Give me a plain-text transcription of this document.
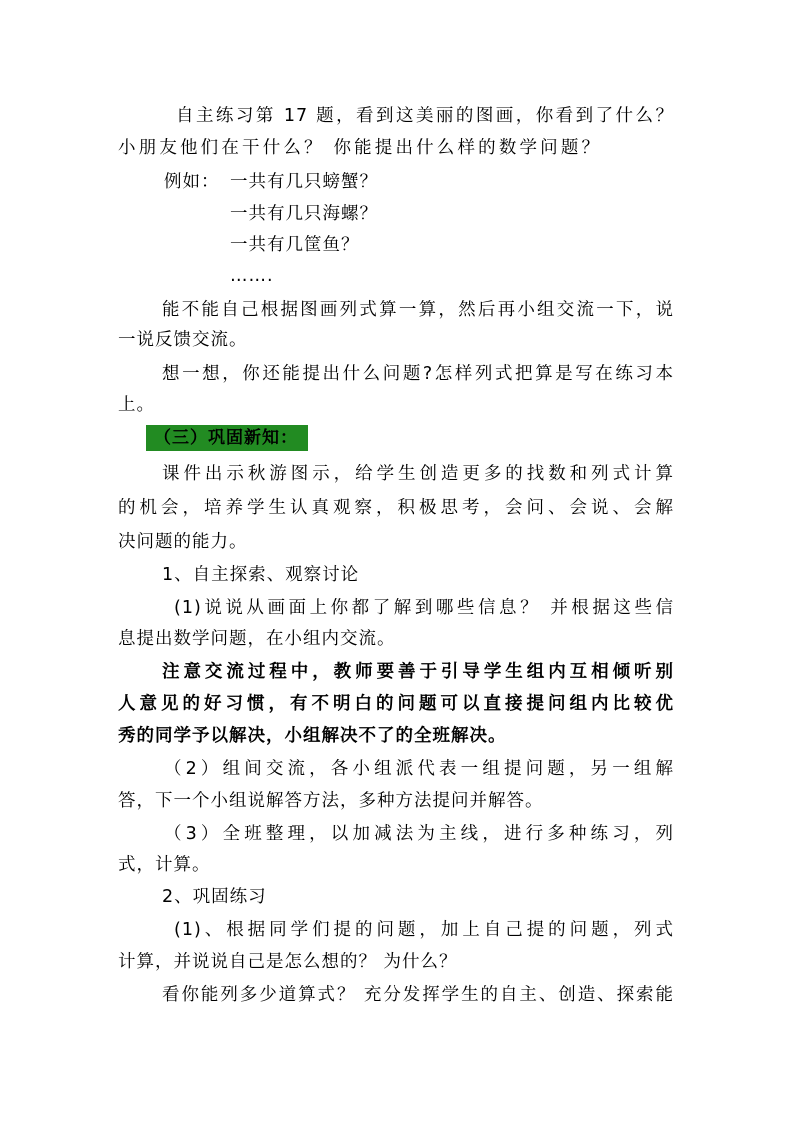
自主练习第 17 题，看到这美丽的图画，你看到了什么？
小朋友他们在干什么？ 你能提出什么样的数学问题？
例如： 一共有几只螃蟹？
一共有几只海螺？
一共有几筐鱼？
…….
能不能自己根据图画列式算一算，然后再小组交流一下，说
一说反馈交流。
想一想，你还能提出什么问题?怎样列式把算是写在练习本
上。
（三）巩固新知：
课件出示秋游图示，给学生创造更多的找数和列式计算
的机会，培养学生认真观察，积极思考，会问、会说、会解
决问题的能力。
1、自主探索、观察讨论
(1)说说从画面上你都了解到哪些信息？ 并根据这些信
息提出数学问题，在小组内交流。
注意交流过程中，教师要善于引导学生组内互相倾听别
人意见的好习惯，有不明白的问题可以直接提问组内比较优
秀的同学予以解决，小组解决不了的全班解决。
（2）组间交流，各小组派代表一组提问题，另一组解
答，下一个小组说解答方法，多种方法提问并解答。
（3）全班整理，以加减法为主线，进行多种练习，列
式，计算。
2、巩固练习
(1)、根据同学们提的问题，加上自己提的问题，列式
计算，并说说自己是怎么想的？ 为什么？
看你能列多少道算式？ 充分发挥学生的自主、创造、探索能
